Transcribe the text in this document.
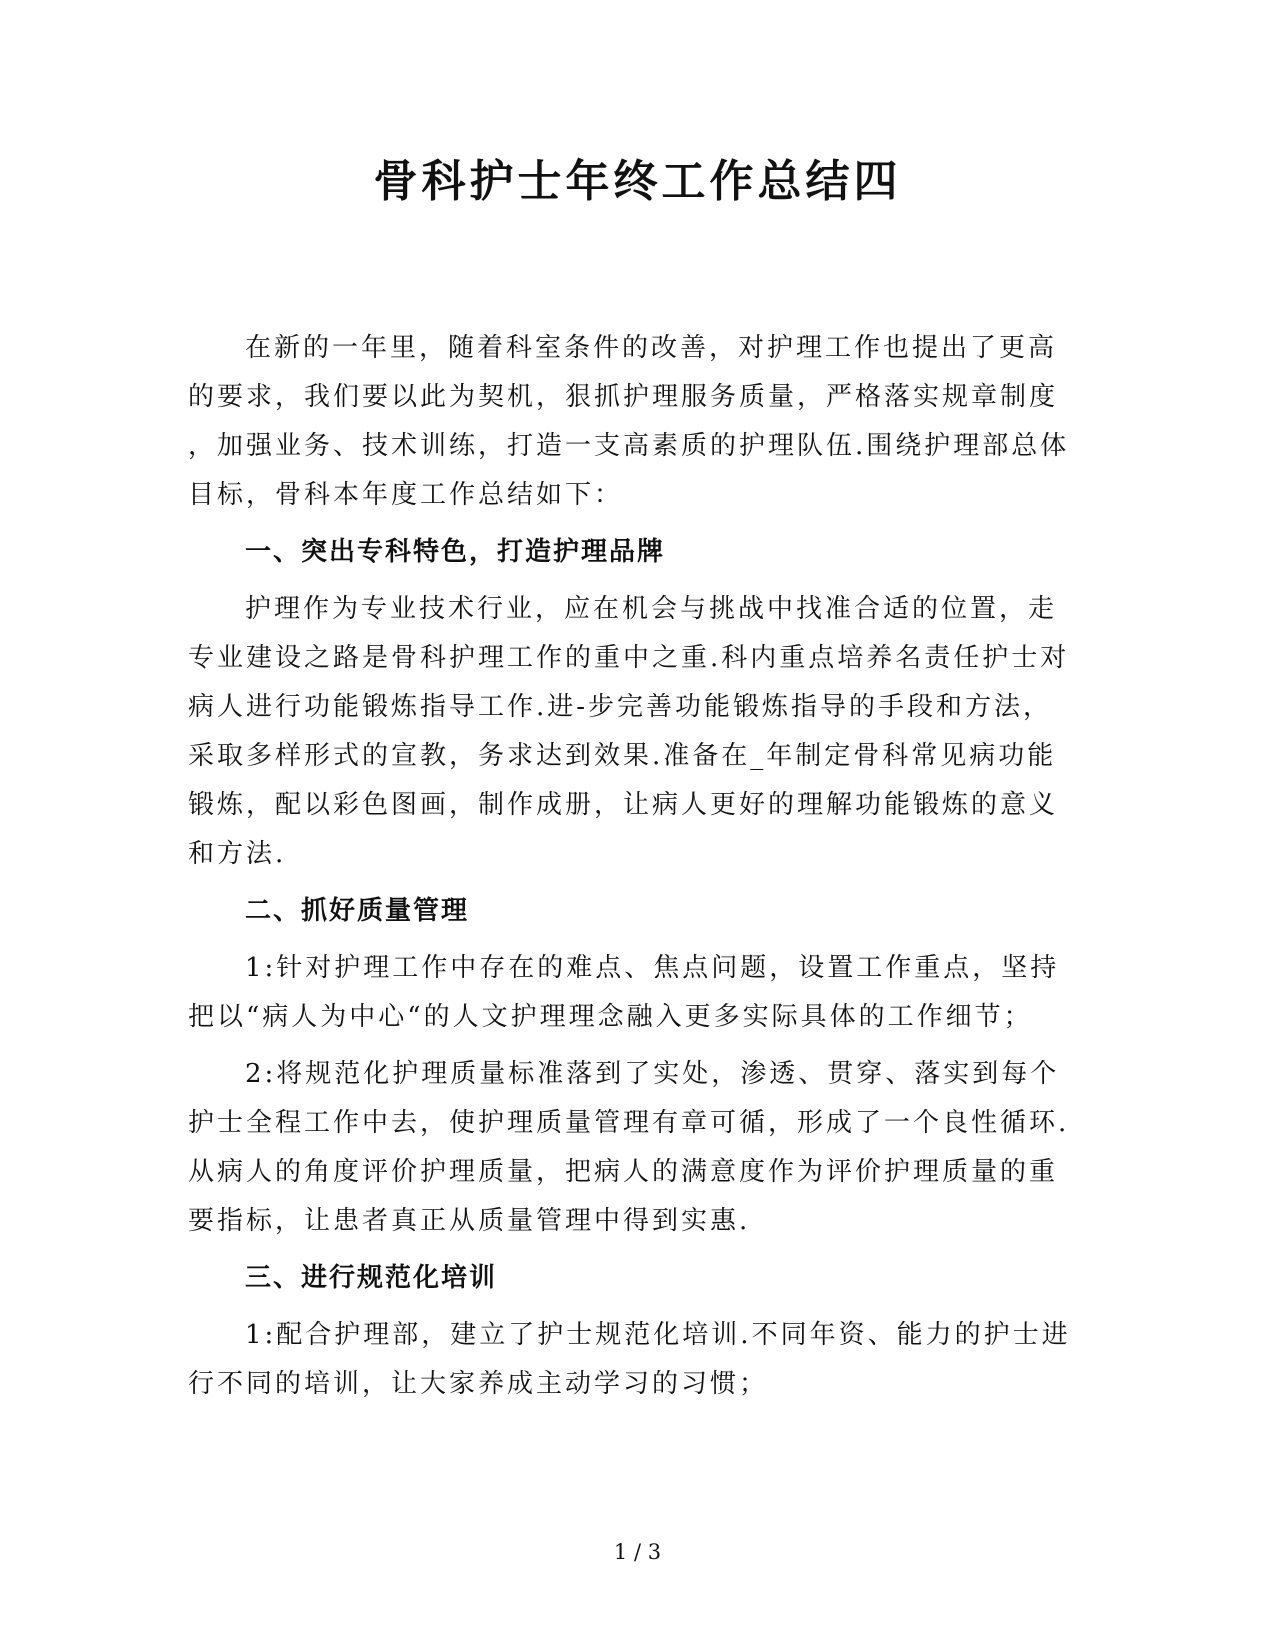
骨科护士年终工作总结四
在新的一年里，随着科室条件的改善，对护理工作也提出了更高
的要求，我们要以此为契机，狠抓护理服务质量，严格落实规章制度
，加强业务、技术训练，打造一支高素质的护理队伍.围绕护理部总体
目标，骨科本年度工作总结如下：
一、突出专科特色，打造护理品牌
护理作为专业技术行业，应在机会与挑战中找准合适的位置，走
专业建设之路是骨科护理工作的重中之重.科内重点培养名责任护士对
病人进行功能锻炼指导工作.进-步完善功能锻炼指导的手段和方法，
采取多样形式的宣教，务求达到效果.准备在_年制定骨科常见病功能
锻炼，配以彩色图画，制作成册，让病人更好的理解功能锻炼的意义
和方法.
二、抓好质量管理
1:针对护理工作中存在的难点、焦点问题，设置工作重点，坚持
把以“病人为中心“的人文护理理念融入更多实际具体的工作细节；
2:将规范化护理质量标准落到了实处，渗透、贯穿、落实到每个
护士全程工作中去，使护理质量管理有章可循，形成了一个良性循环.
从病人的角度评价护理质量，把病人的满意度作为评价护理质量的重
要指标，让患者真正从质量管理中得到实惠.
三、进行规范化培训
1:配合护理部，建立了护士规范化培训.不同年资、能力的护士进
行不同的培训，让大家养成主动学习的习惯；
1 / 3
